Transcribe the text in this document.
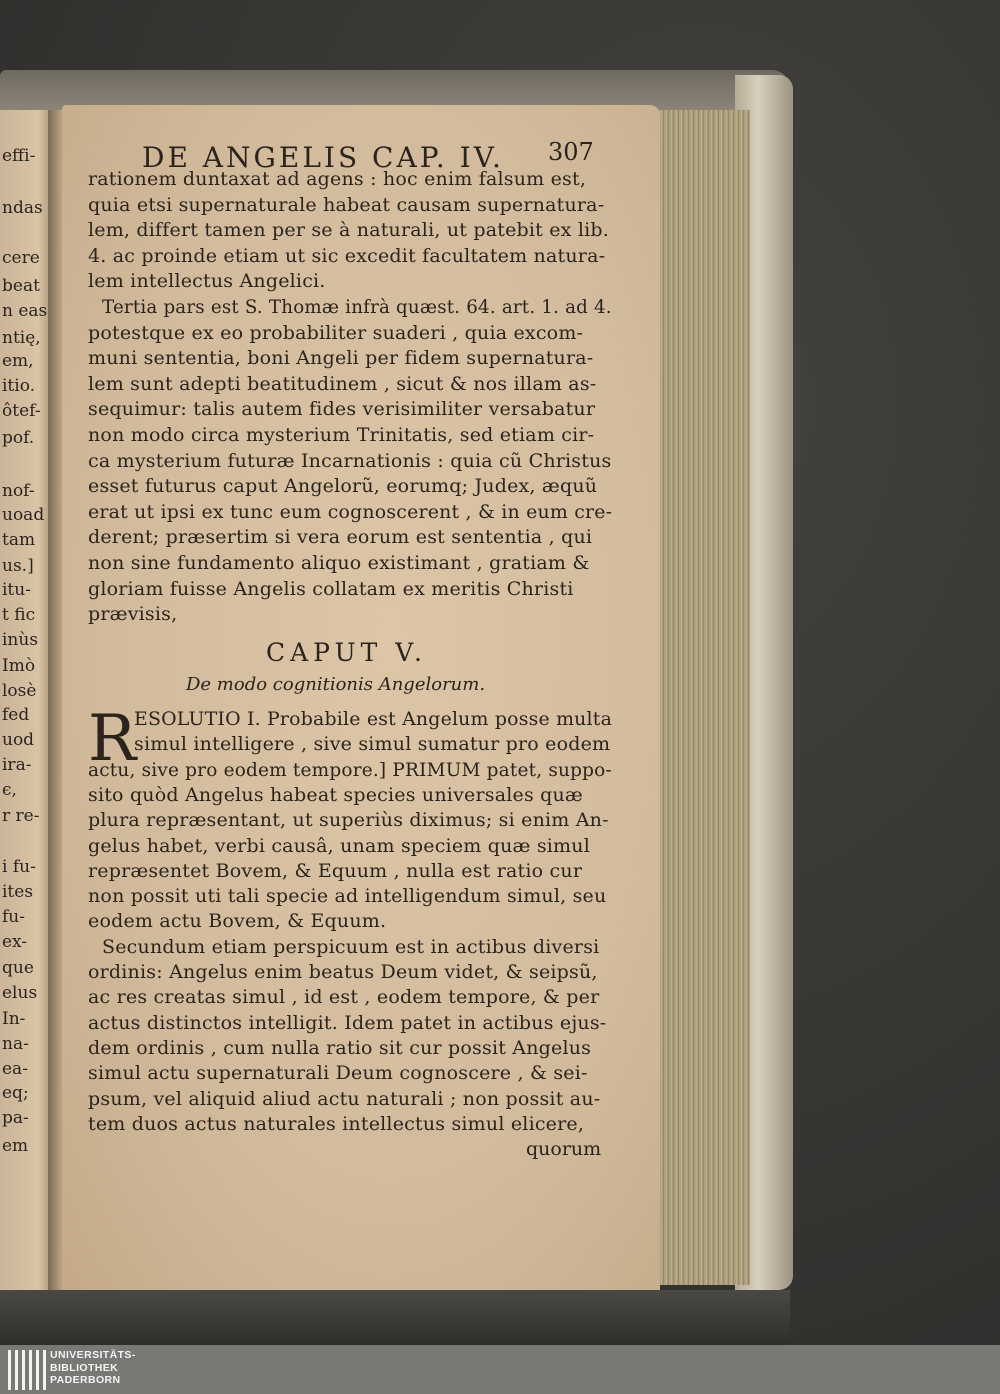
effi-
ndas
cere
beat
n eas
ntię,
em,
itio.
ôtef-
pof.
nof-
uoad
tam
us.]
itu-
t fic
inùs
Imò
losè
fed
uod
ira-
ϵ,
r re-
i fu-
ites
fu-
ex-
que
elus
In-
na-
ea-
eq;
pa-
em
DE ANGELIS CAP. IV. 307
rationem duntaxat ad agens : hoc enim falsum est,
quia etsi supernaturale habeat causam supernatura-
lem, differt tamen per se à naturali, ut patebit ex lib.
4. ac proinde etiam ut sic excedit facultatem natura-
lem intellectus Angelici.
Tertia pars est S. Thomæ infrà quæst. 64. art. 1. ad 4.
potestque ex eo probabiliter suaderi , quia excom-
muni sententia, boni Angeli per fidem supernatura-
lem sunt adepti beatitudinem , sicut & nos illam as-
sequimur: talis autem fides verisimiliter versabatur
non modo circa mysterium Trinitatis, sed etiam cir-
ca mysterium futuræ Incarnationis : quia cũ Christus
esset futurus caput Angelorũ, eorumq; Judex, æquũ
erat ut ipsi ex tunc eum cognoscerent , & in eum cre-
derent; præsertim si vera eorum est sententia , qui
non sine fundamento aliquo existimant , gratiam &
gloriam fuisse Angelis collatam ex meritis Christi
prævisis,
CAPUT V.
De modo cognitionis Angelorum.
R
ESOLUTIO I. Probabile est Angelum posse multa
simul intelligere , sive simul sumatur pro eodem
actu, sive pro eodem tempore.] PRIMUM patet, suppo-
sito quòd Angelus habeat species universales quæ
plura repræsentant, ut superiùs diximus; si enim An-
gelus habet, verbi causâ, unam speciem quæ simul
repræsentet Bovem, & Equum , nulla est ratio cur
non possit uti tali specie ad intelligendum simul, seu
eodem actu Bovem, & Equum.
Secundum etiam perspicuum est in actibus diversi
ordinis: Angelus enim beatus Deum videt, & seipsũ,
ac res creatas simul , id est , eodem tempore, & per
actus distinctos intelligit. Idem patet in actibus ejus-
dem ordinis , cum nulla ratio sit cur possit Angelus
simul actu supernaturali Deum cognoscere , & sei-
psum, vel aliquid aliud actu naturali ; non possit au-
tem duos actus naturales intellectus simul elicere,
quorum
UNIVERSITÄTS-
BIBLIOTHEK
PADERBORN
